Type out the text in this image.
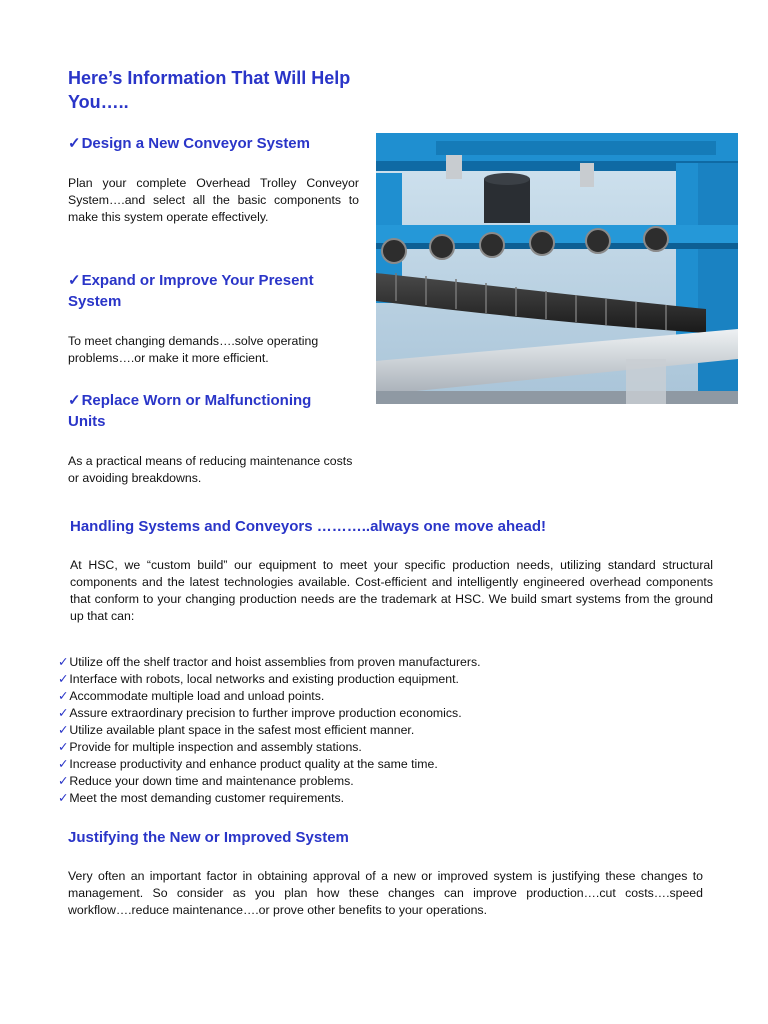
Here’s Information That Will Help You…..
✓Design a New Conveyor System

Plan your complete Overhead Trolley Conveyor System….and select all the basic components to make this system operate effectively.

✓Expand or Improve Your Present System

To meet changing demands….solve operating problems….or make it more efficient.

✓Replace Worn or Malfunctioning Units

As a practical means of reducing maintenance costs or avoiding breakdowns.

Handling Systems and Conveyors ………..always one move ahead!

At HSC, we “custom build” our equipment to meet your specific production needs, utilizing standard structural components and the latest technologies available. Cost-efficient and intelligently engineered overhead components that conform to your changing production needs are the trademark at HSC. We build smart systems from the ground up that can:

✓Utilize off the shelf tractor and hoist assemblies from proven manufacturers.
✓Interface with robots, local networks and existing production equipment.
✓Accommodate multiple load and unload points.
✓Assure extraordinary precision to further improve production economics.
✓Utilize available plant space in the safest most efficient manner.
✓Provide for multiple inspection and assembly stations.
✓Increase productivity and enhance product quality at the same time.
✓Reduce your down time and maintenance problems.
✓Meet the most demanding customer requirements.
Justifying the New or Improved System

Very often an important factor in obtaining approval of a new or improved system is justifying these changes to management. So consider as you plan how these changes can improve production….cut costs….speed workflow….reduce maintenance….or prove other benefits to your operations.
